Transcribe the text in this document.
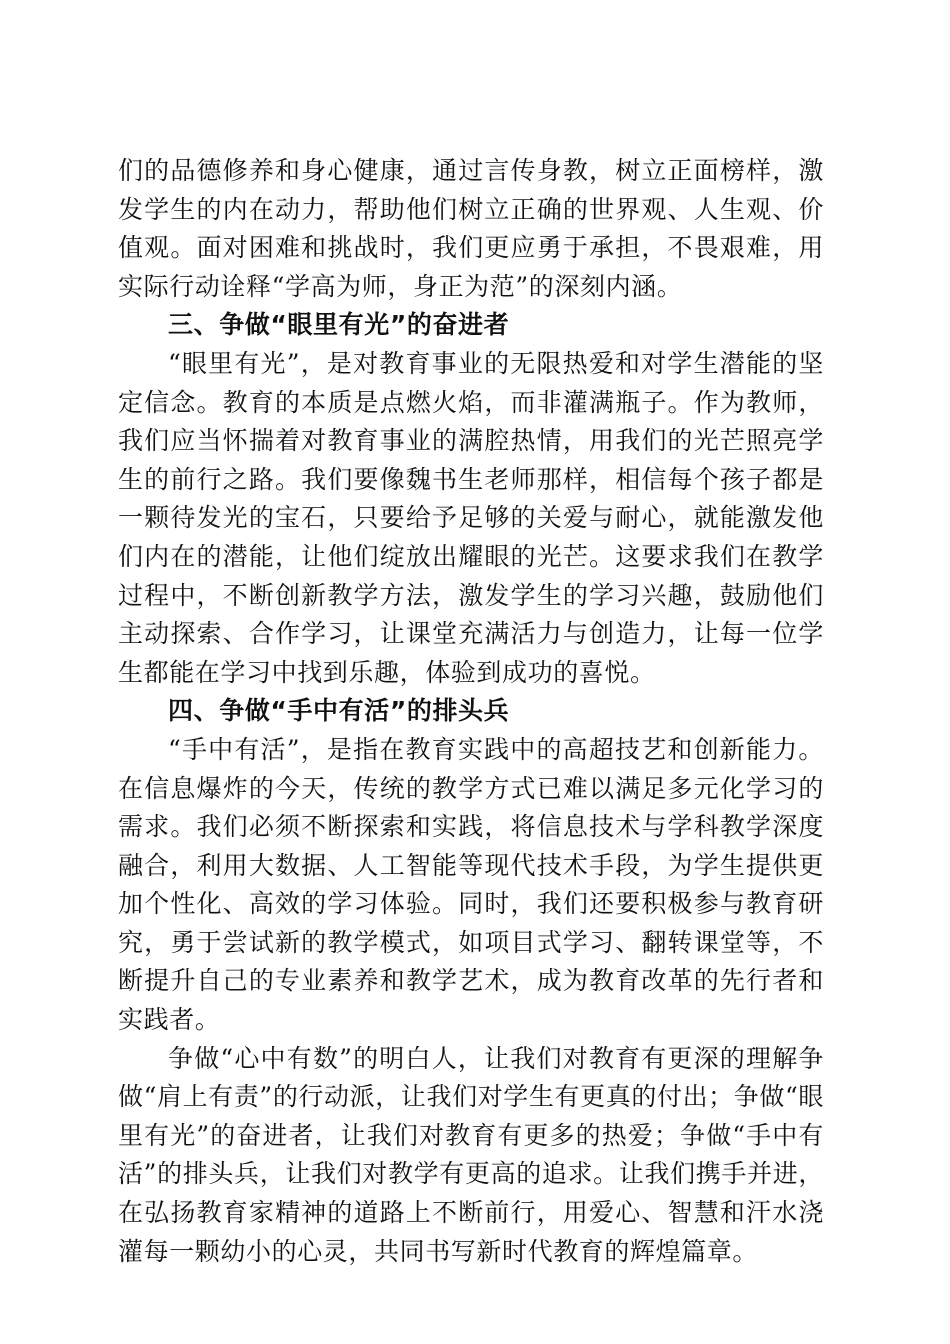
们的品德修养和身心健康，通过言传身教，树立正面榜样，激发学生的内在动力，帮助他们树立正确的世界观、人生观、价值观。面对困难和挑战时，我们更应勇于承担，不畏艰难，用实际行动诠释“学高为师，身正为范”的深刻内涵。

三、争做“眼里有光”的奋进者

“眼里有光”，是对教育事业的无限热爱和对学生潜能的坚定信念。教育的本质是点燃火焰，而非灌满瓶子。作为教师，我们应当怀揣着对教育事业的满腔热情，用我们的光芒照亮学生的前行之路。我们要像魏书生老师那样，相信每个孩子都是一颗待发光的宝石，只要给予足够的关爱与耐心，就能激发他们内在的潜能，让他们绽放出耀眼的光芒。这要求我们在教学过程中，不断创新教学方法，激发学生的学习兴趣，鼓励他们主动探索、合作学习，让课堂充满活力与创造力，让每一位学生都能在学习中找到乐趣，体验到成功的喜悦。

四、争做“手中有活”的排头兵

“手中有活”，是指在教育实践中的高超技艺和创新能力。在信息爆炸的今天，传统的教学方式已难以满足多元化学习的需求。我们必须不断探索和实践，将信息技术与学科教学深度融合，利用大数据、人工智能等现代技术手段，为学生提供更加个性化、高效的学习体验。同时，我们还要积极参与教育研究，勇于尝试新的教学模式，如项目式学习、翻转课堂等，不断提升自己的专业素养和教学艺术，成为教育改革的先行者和实践者。

争做“心中有数”的明白人，让我们对教育有更深的理解争做“肩上有责”的行动派，让我们对学生有更真的付出；争做“眼里有光”的奋进者，让我们对教育有更多的热爱；争做“手中有活”的排头兵，让我们对教学有更高的追求。让我们携手并进，在弘扬教育家精神的道路上不断前行，用爱心、智慧和汗水浇灌每一颗幼小的心灵，共同书写新时代教育的辉煌篇章。
